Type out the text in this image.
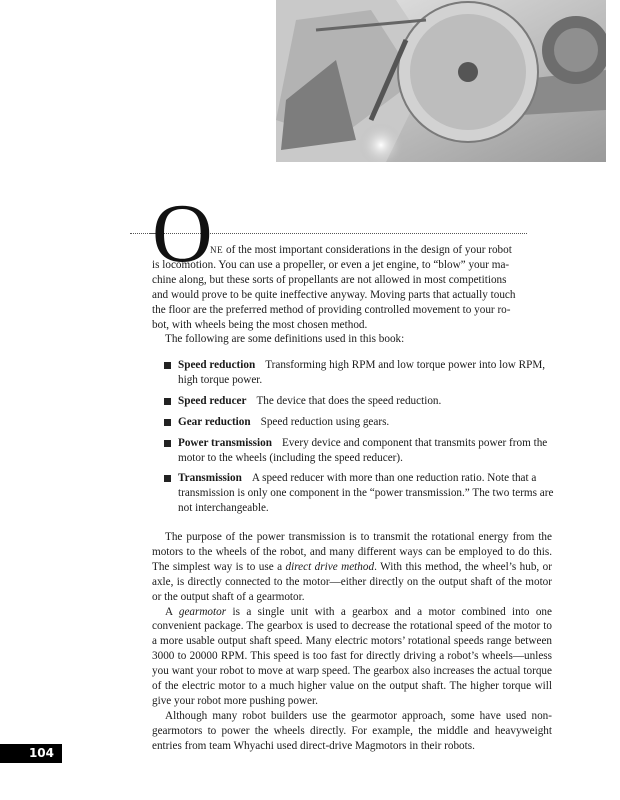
O
NE of the most important considerations in the design of your robot
is locomotion. You can use a propeller, or even a jet engine, to “blow” your ma-
chine along, but these sorts of propellants are not allowed in most competitions
and would prove to be quite ineffective anyway. Moving parts that actually touch
the floor are the preferred method of providing controlled movement to your ro-
bot, with wheels being the most chosen method.
The following are some definitions used in this book:
Speed reduction Transforming high RPM and low torque power into low RPM, high torque power.
Speed reducer The device that does the speed reduction.
Gear reduction Speed reduction using gears.
Power transmission Every device and component that transmits power from the motor to the wheels (including the speed reducer).
Transmission A speed reducer with more than one reduction ratio. Note that a transmission is only one component in the “power transmission.” The two terms are not interchangeable.
The purpose of the power transmission is to transmit the rotational energy from the motors to the wheels of the robot, and many different ways can be employed to do this. The simplest way is to use a direct drive method. With this method, the wheel’s hub, or axle, is directly connected to the motor—either directly on the output shaft of the motor or the output shaft of a gearmotor.
A gearmotor is a single unit with a gearbox and a motor combined into one convenient package. The gearbox is used to decrease the rotational speed of the motor to a more usable output shaft speed. Many electric motors’ rotational speeds range between 3000 to 20000 RPM. This speed is too fast for directly driving a robot’s wheels—unless you want your robot to move at warp speed. The gearbox also increases the actual torque of the electric motor to a much higher value on the output shaft. The higher torque will give your robot more pushing power.
Although many robot builders use the gearmotor approach, some have used non-gearmotors to power the wheels directly. For example, the middle and heavyweight entries from team Whyachi used direct-drive Magmotors in their robots.
104
